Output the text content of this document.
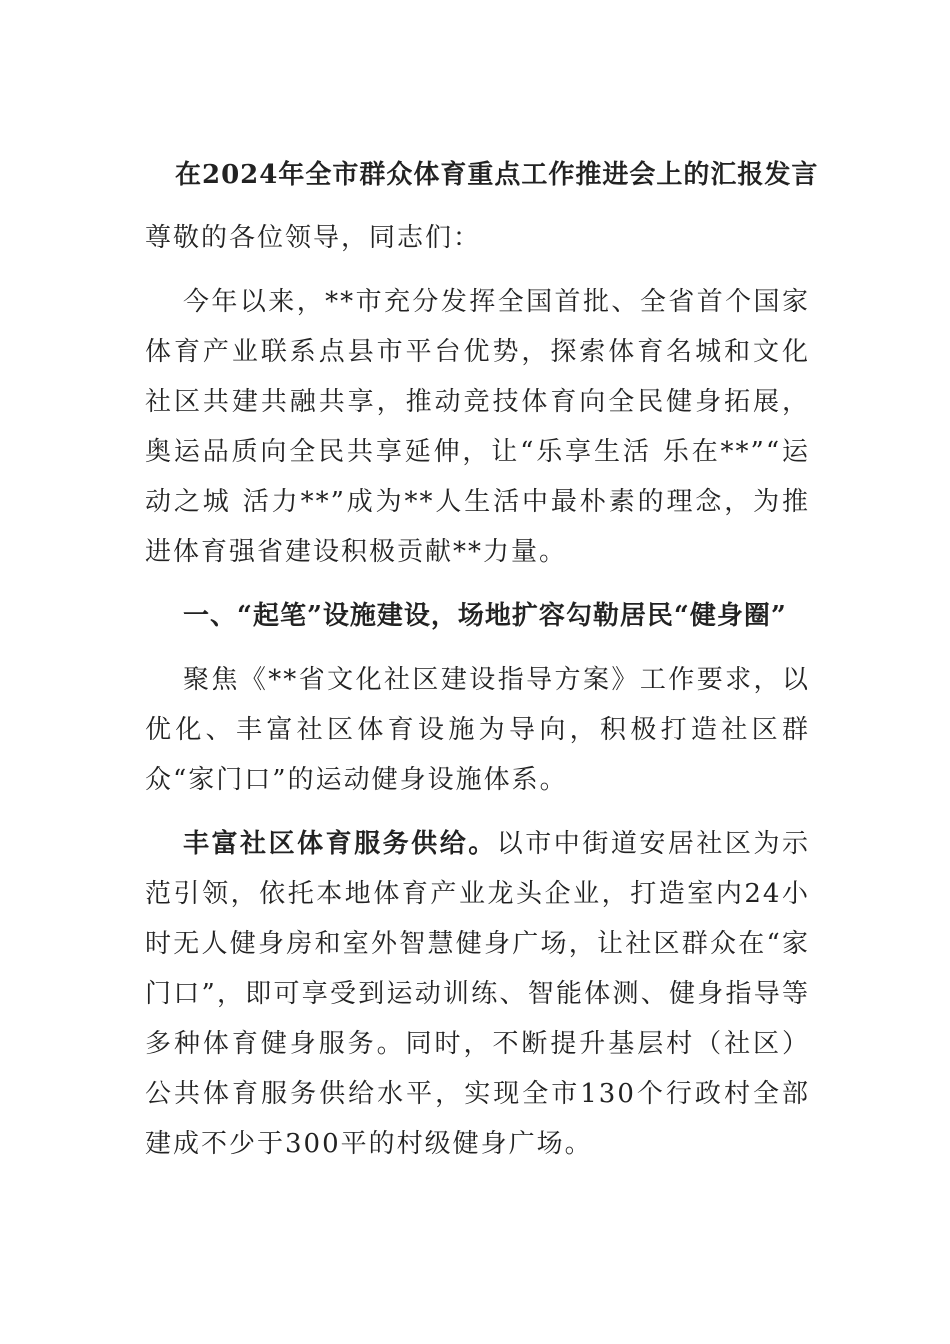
在2024年全市群众体育重点工作推进会上的汇报发言

尊敬的各位领导，同志们：

今年以来，**市充分发挥全国首批、全省首个国家体育产业联系点县市平台优势，探索体育名城和文化社区共建共融共享，推动竞技体育向全民健身拓展，奥运品质向全民共享延伸，让“乐享生活 乐在**”“运动之城 活力**”成为**人生活中最朴素的理念，为推进体育强省建设积极贡献**力量。

一、“起笔”设施建设，场地扩容勾勒居民“健身圈”

聚焦《**省文化社区建设指导方案》工作要求，以优化、丰富社区体育设施为导向，积极打造社区群众“家门口”的运动健身设施体系。

丰富社区体育服务供给。以市中街道安居社区为示范引领，依托本地体育产业龙头企业，打造室内24小时无人健身房和室外智慧健身广场，让社区群众在“家门口”，即可享受到运动训练、智能体测、健身指导等多种体育健身服务。同时，不断提升基层村（社区）公共体育服务供给水平，实现全市130个行政村全部建成不少于300平的村级健身广场。
